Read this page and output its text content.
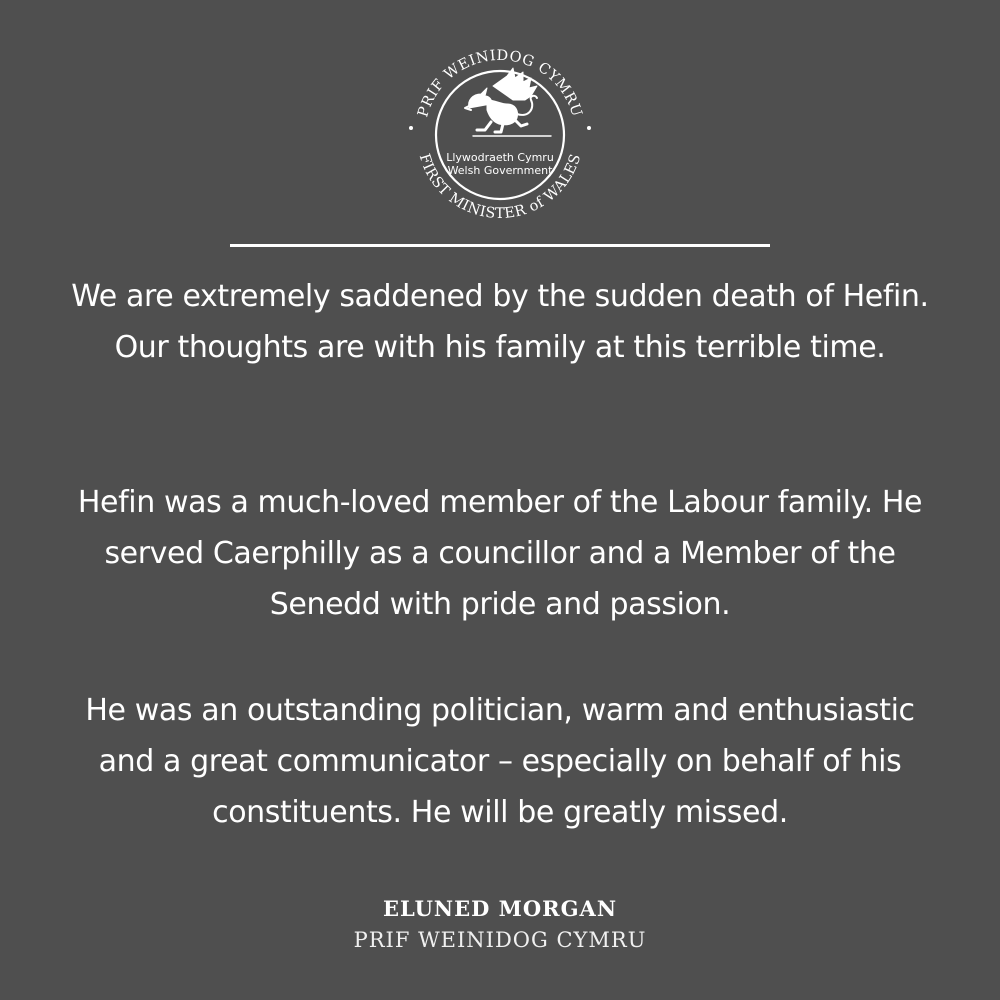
PRIF WEINIDOG CYMRU
FIRST MINISTER of WALES
Llywodraeth Cymru
Welsh Government
We are extremely saddened by the sudden death of Hefin. Our thoughts are with his family at this terrible time.
Hefin was a much-loved member of the Labour family. He served Caerphilly as a councillor and a Member of the Senedd with pride and passion.
He was an outstanding politician, warm and enthusiastic and a great communicator – especially on behalf of his constituents. He will be greatly missed.
ELUNED MORGAN
PRIF WEINIDOG CYMRU
